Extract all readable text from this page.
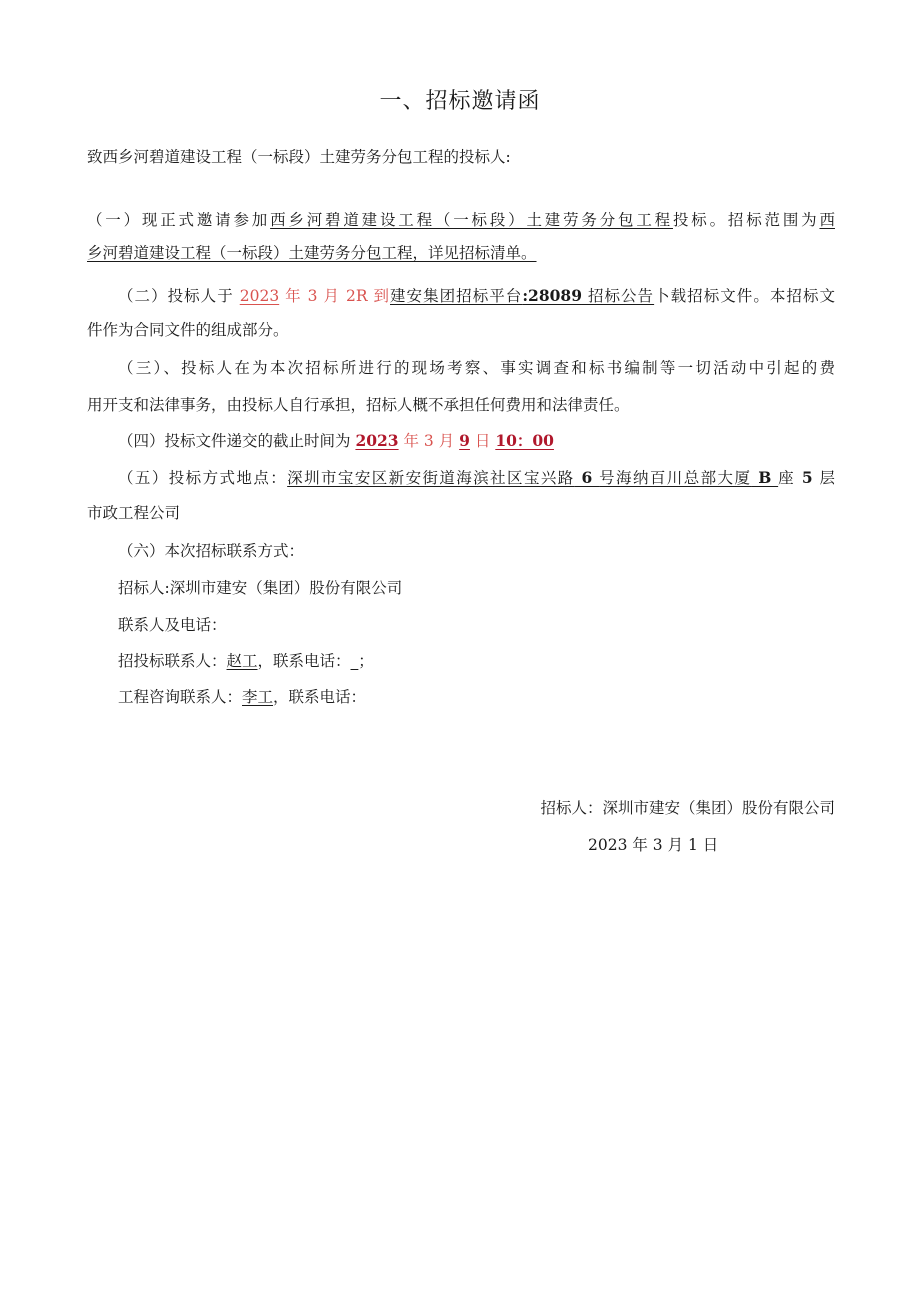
一、招标邀请函
致西乡河碧道建设工程（一标段）土建劳务分包工程的投标人:
（一）现正式邀请参加西乡河碧道建设工程（一标段）土建劳务分包工程投标。招标范围为西
乡河碧道建设工程（一标段）土建劳务分包工程，详见招标清单。
（二）投标人于 2023 年 3 月 2R 到建安集团招标平台:28089 招标公告卜载招标文件。本招标文
件作为合同文件的组成部分。
（三）、投标人在为本次招标所进行的现场考察、事实调查和标书编制等一切活动中引起的费
用开支和法律事务，由投标人自行承担，招标人概不承担任何费用和法律责任。
（四）投标文件递交的截止时间为 2023 年 3 月 9 日 10：00
（五）投标方式地点：深圳市宝安区新安街道海滨社区宝兴路 6 号海纳百川总部大厦 B 座 5 层
市政工程公司
（六）本次招标联系方式：
招标人:深圳市建安（集团）股份有限公司
联系人及电话：
招投标联系人：赵工，联系电话：_；
工程咨询联系人：李工，联系电话：
招标人：深圳市建安（集团）股份有限公司
2023 年 3 月 1 日
